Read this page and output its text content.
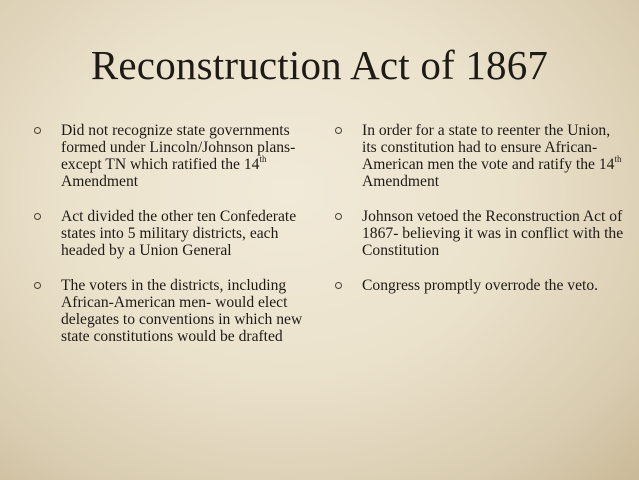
Reconstruction Act of 1867
Did not recognize state governments formed under Lincoln/Johnson plans- except TN which ratified the 14th Amendment
Act divided the other ten Confederate states into 5 military districts, each headed by a Union General
The voters in the districts, including African-American men- would elect delegates to conventions in which new state constitutions would be drafted
In order for a state to reenter the Union, its constitution had to ensure African-American men the vote and ratify the 14th Amendment
Johnson vetoed the Reconstruction Act of 1867- believing it was in conflict with the Constitution
Congress promptly overrode the veto.
